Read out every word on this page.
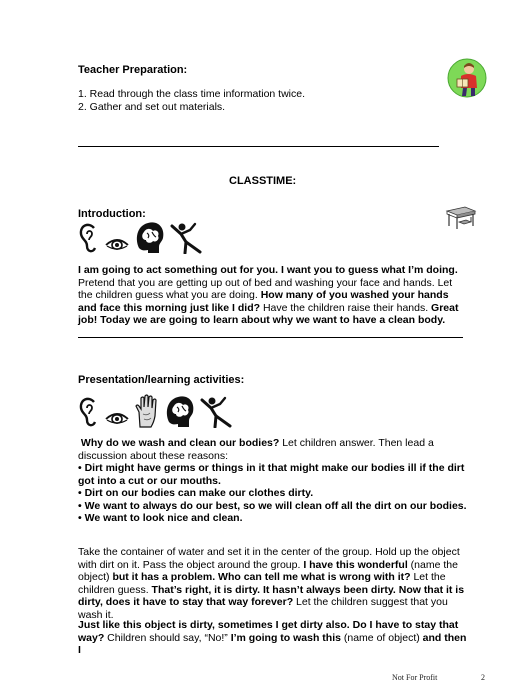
Teacher Preparation:
1. Read through the class time information twice.
2. Gather and set out materials.
CLASSTIME:
Introduction:
I am going to act something out for you. I want you to guess what I’m doing. Pretend that you are getting up out of bed and washing your face and hands. Let the children guess what you are doing. How many of you washed your hands and face this morning just like I did? Have the children raise their hands. Great job! Today we are going to learn about why we want to have a clean body.
Presentation/learning activities:
Why do we wash and clean our bodies? Let children answer. Then lead a discussion about these reasons:
• Dirt might have germs or things in it that might make our bodies ill if the dirt got into a cut or our mouths.
• Dirt on our bodies can make our clothes dirty.
• We want to always do our best, so we will clean off all the dirt on our bodies.
• We want to look nice and clean.
Take the container of water and set it in the center of the group. Hold up the object with dirt on it. Pass the object around the group. I have this wonderful (name the object) but it has a problem. Who can tell me what is wrong with it? Let the children guess. That’s right, it is dirty. It hasn’t always been dirty. Now that it is dirty, does it have to stay that way forever? Let the children suggest that you wash it.
Just like this object is dirty, sometimes I get dirty also. Do I have to stay that way? Children should say, “No!” I’m going to wash this (name of object) and then I
Not For Profit	2
